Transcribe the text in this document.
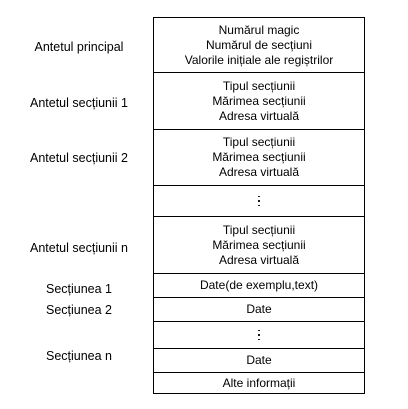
Antetul principal
Antetul secțiunii 1
Antetul secțiunii 2
Antetul secțiunii n
Secțiunea 1
Secțiunea 2
Secțiunea n
Numărul magic
Numărul de secțiuni
Valorile inițiale ale regiștrilor
Tipul secțiunii
Mărimea secțiunii
Adresa virtuală
Tipul secțiunii
Mărimea secțiunii
Adresa virtuală
Tipul secțiunii
Mărimea secțiunii
Adresa virtuală
Date(de exemplu,text)
Date
Date
Alte informații
